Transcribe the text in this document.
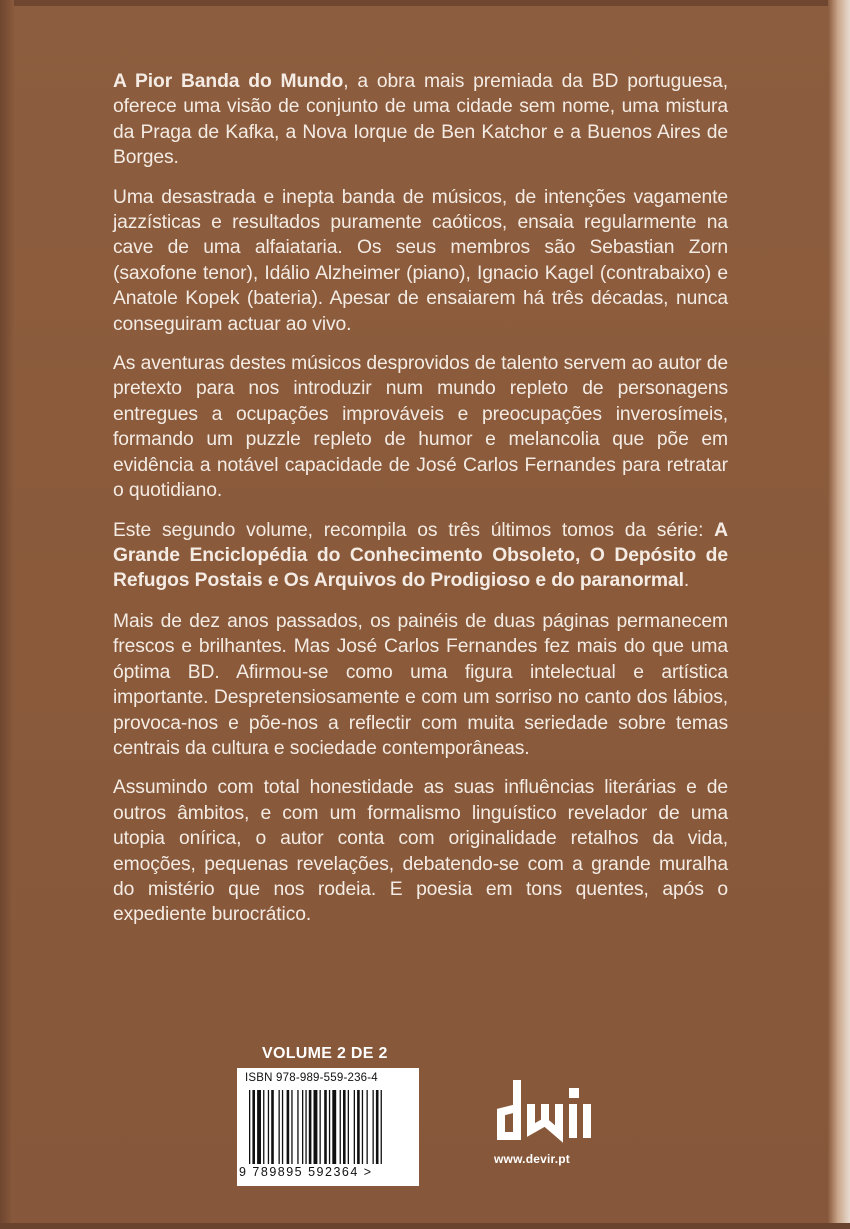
A Pior Banda do Mundo, a obra mais premiada da BD portuguesa, oferece uma visão de conjunto de uma cidade sem nome, uma mistura da Praga de Kafka, a Nova Iorque de Ben Katchor e a Buenos Aires de Borges.

Uma desastrada e inepta banda de músicos, de intenções vagamente jazzísticas e resultados puramente caóticos, ensaia regularmente na cave de uma alfaiataria. Os seus membros são Sebastian Zorn (saxofone tenor), Idálio Alzheimer (piano), Ignacio Kagel (contrabaixo) e Anatole Kopek (bateria). Apesar de ensaiarem há três décadas, nunca conseguiram actuar ao vivo.

As aventuras destes músicos desprovidos de talento servem ao autor de pretexto para nos introduzir num mundo repleto de personagens entregues a ocupações improváveis e preocupações inverosímeis, formando um puzzle repleto de humor e melancolia que põe em evidência a notável capacidade de José Carlos Fernandes para retratar o quotidiano.

Este segundo volume, recompila os três últimos tomos da série: A Grande Enciclopédia do Conhecimento Obsoleto, O Depósito de Refugos Postais e Os Arquivos do Prodigioso e do paranormal.

Mais de dez anos passados, os painéis de duas páginas permanecem frescos e brilhantes. Mas José Carlos Fernandes fez mais do que uma óptima BD. Afirmou-se como uma figura intelectual e artística importante. Despretensiosamente e com um sorriso no canto dos lábios, provoca-nos e põe-nos a reflectir com muita seriedade sobre temas centrais da cultura e sociedade contemporâneas.

Assumindo com total honestidade as suas influências literárias e de outros âmbitos, e com um formalismo linguístico revelador de uma utopia onírica, o autor conta com originalidade retalhos da vida, emoções, pequenas revelações, debatendo-se com a grande muralha do mistério que nos rodeia. E poesia em tons quentes, após o expediente burocrático.

VOLUME 2 DE 2
ISBN 978-989-559-236-4
9 789895 592364 >
www.devir.pt
